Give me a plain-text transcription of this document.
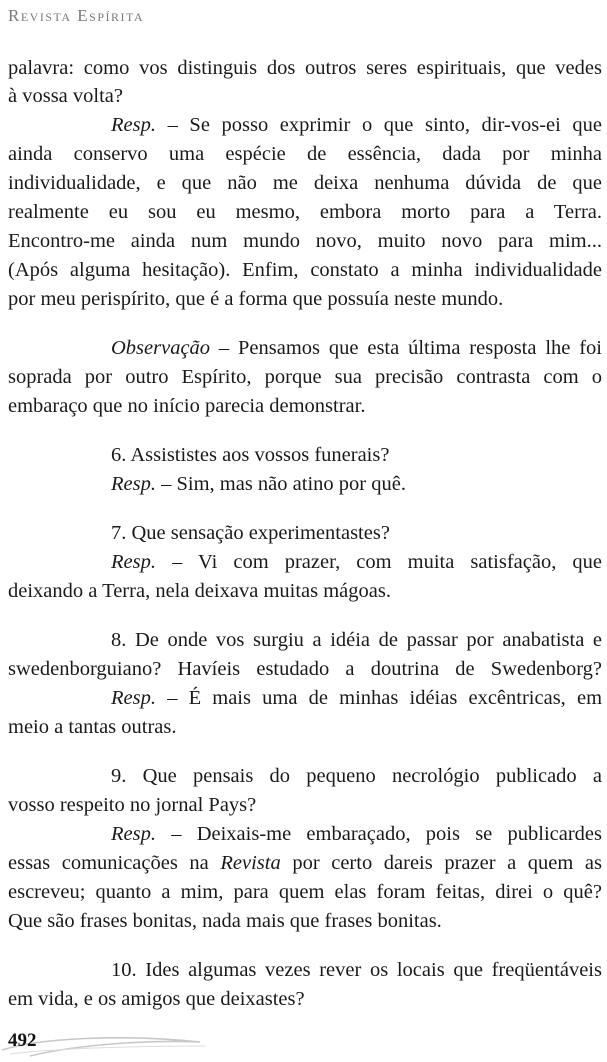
Revista Espírita
palavra: como vos distinguis dos outros seres espirituais, que vedes
à vossa volta?
Resp. – Se posso exprimir o que sinto, dir-vos-ei que
ainda conservo uma espécie de essência, dada por minha
individualidade, e que não me deixa nenhuma dúvida de que
realmente eu sou eu mesmo, embora morto para a Terra.
Encontro-me ainda num mundo novo, muito novo para mim...
(Após alguma hesitação). Enfim, constato a minha individualidade
por meu perispírito, que é a forma que possuía neste mundo.
Observação – Pensamos que esta última resposta lhe foi
soprada por outro Espírito, porque sua precisão contrasta com o
embaraço que no início parecia demonstrar.
6. Assististes aos vossos funerais?
Resp. – Sim, mas não atino por quê.
7. Que sensação experimentastes?
Resp. – Vi com prazer, com muita satisfação, que
deixando a Terra, nela deixava muitas mágoas.
8. De onde vos surgiu a idéia de passar por anabatista e
swedenborguiano? Havíeis estudado a doutrina de Swedenborg?
Resp. – É mais uma de minhas idéias excêntricas, em
meio a tantas outras.
9. Que pensais do pequeno necrológio publicado a
vosso respeito no jornal Pays?
Resp. – Deixais-me embaraçado, pois se publicardes
essas comunicações na Revista por certo dareis prazer a quem as
escreveu; quanto a mim, para quem elas foram feitas, direi o quê?
Que são frases bonitas, nada mais que frases bonitas.
10. Ides algumas vezes rever os locais que freqüentáveis
em vida, e os amigos que deixastes?
492
